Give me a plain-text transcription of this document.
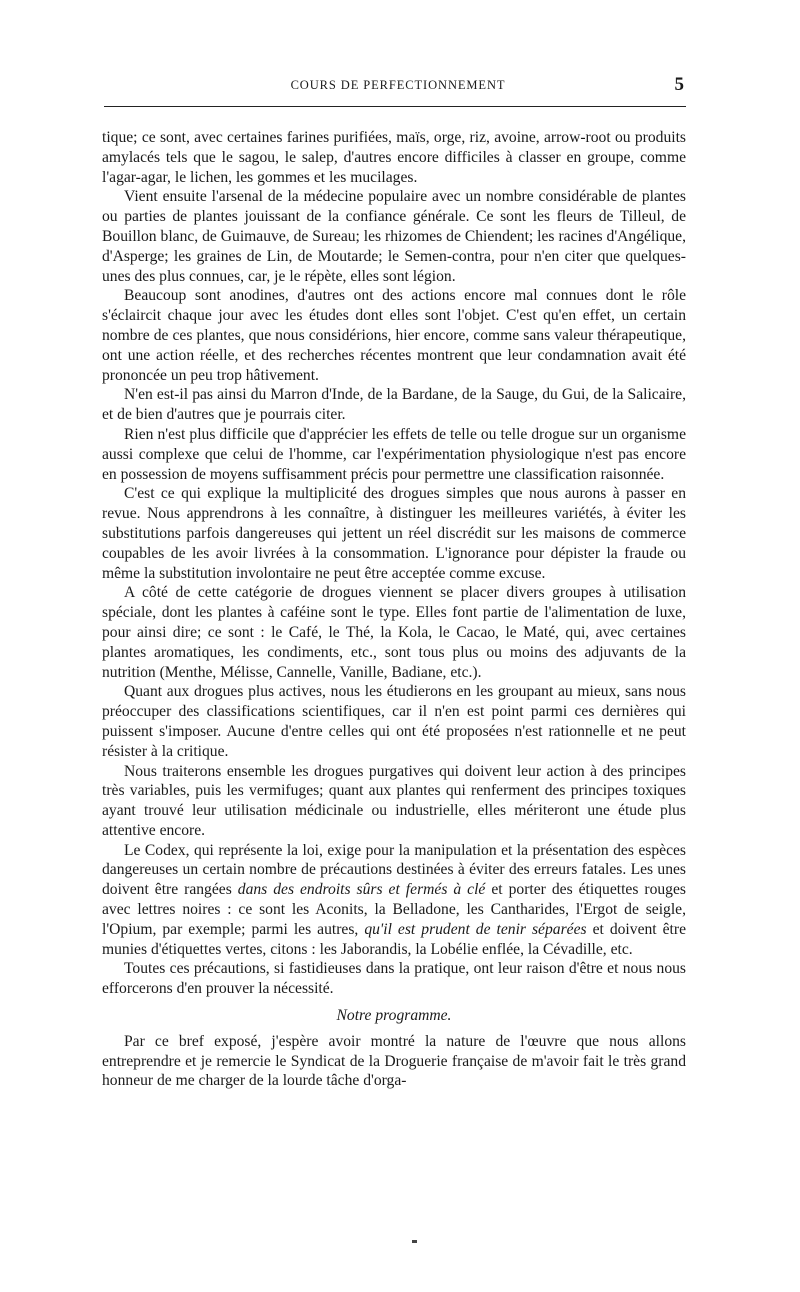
COURS DE PERFECTIONNEMENT	5

tique; ce sont, avec certaines farines purifiées, maïs, orge, riz, avoine, arrow-root ou produits amylacés tels que le sagou, le salep, d'autres encore difficiles à classer en groupe, comme l'agar-agar, le lichen, les gommes et les mucilages.

Vient ensuite l'arsenal de la médecine populaire avec un nombre considérable de plantes ou parties de plantes jouissant de la confiance générale. Ce sont les fleurs de Tilleul, de Bouillon blanc, de Guimauve, de Sureau; les rhizomes de Chiendent; les racines d'Angélique, d'Asperge; les graines de Lin, de Moutarde; le Semen-contra, pour n'en citer que quelques-unes des plus connues, car, je le répète, elles sont légion.

Beaucoup sont anodines, d'autres ont des actions encore mal connues dont le rôle s'éclaircit chaque jour avec les études dont elles sont l'objet. C'est qu'en effet, un certain nombre de ces plantes, que nous considérions, hier encore, comme sans valeur thérapeutique, ont une action réelle, et des recherches récentes montrent que leur condamnation avait été prononcée un peu trop hâtivement.

N'en est-il pas ainsi du Marron d'Inde, de la Bardane, de la Sauge, du Gui, de la Salicaire, et de bien d'autres que je pourrais citer.

Rien n'est plus difficile que d'apprécier les effets de telle ou telle drogue sur un organisme aussi complexe que celui de l'homme, car l'expérimentation physiologique n'est pas encore en possession de moyens suffisamment précis pour permettre une classification raisonnée.

C'est ce qui explique la multiplicité des drogues simples que nous aurons à passer en revue. Nous apprendrons à les connaître, à distinguer les meilleures variétés, à éviter les substitutions parfois dangereuses qui jettent un réel discrédit sur les maisons de commerce coupables de les avoir livrées à la consommation. L'ignorance pour dépister la fraude ou même la substitution involontaire ne peut être acceptée comme excuse.

A côté de cette catégorie de drogues viennent se placer divers groupes à utilisation spéciale, dont les plantes à caféine sont le type. Elles font partie de l'alimentation de luxe, pour ainsi dire; ce sont : le Café, le Thé, la Kola, le Cacao, le Maté, qui, avec certaines plantes aromatiques, les condiments, etc., sont tous plus ou moins des adjuvants de la nutrition (Menthe, Mélisse, Cannelle, Vanille, Badiane, etc.).

Quant aux drogues plus actives, nous les étudierons en les groupant au mieux, sans nous préoccuper des classifications scientifiques, car il n'en est point parmi ces dernières qui puissent s'imposer. Aucune d'entre celles qui ont été proposées n'est rationnelle et ne peut résister à la critique.

Nous traiterons ensemble les drogues purgatives qui doivent leur action à des principes très variables, puis les vermifuges; quant aux plantes qui renferment des principes toxiques ayant trouvé leur utilisation médicinale ou industrielle, elles mériteront une étude plus attentive encore.

Le Codex, qui représente la loi, exige pour la manipulation et la présentation des espèces dangereuses un certain nombre de précautions destinées à éviter des erreurs fatales. Les unes doivent être rangées dans des endroits sûrs et fermés à clé et porter des étiquettes rouges avec lettres noires : ce sont les Aconits, la Belladone, les Cantharides, l'Ergot de seigle, l'Opium, par exemple; parmi les autres, qu'il est prudent de tenir séparées et doivent être munies d'étiquettes vertes, citons : les Jaborandis, la Lobélie enflée, la Cévadille, etc.

Toutes ces précautions, si fastidieuses dans la pratique, ont leur raison d'être et nous nous efforcerons d'en prouver la nécessité.

Notre programme.

Par ce bref exposé, j'espère avoir montré la nature de l'œuvre que nous allons entreprendre et je remercie le Syndicat de la Droguerie française de m'avoir fait le très grand honneur de me charger de la lourde tâche d'orga-
